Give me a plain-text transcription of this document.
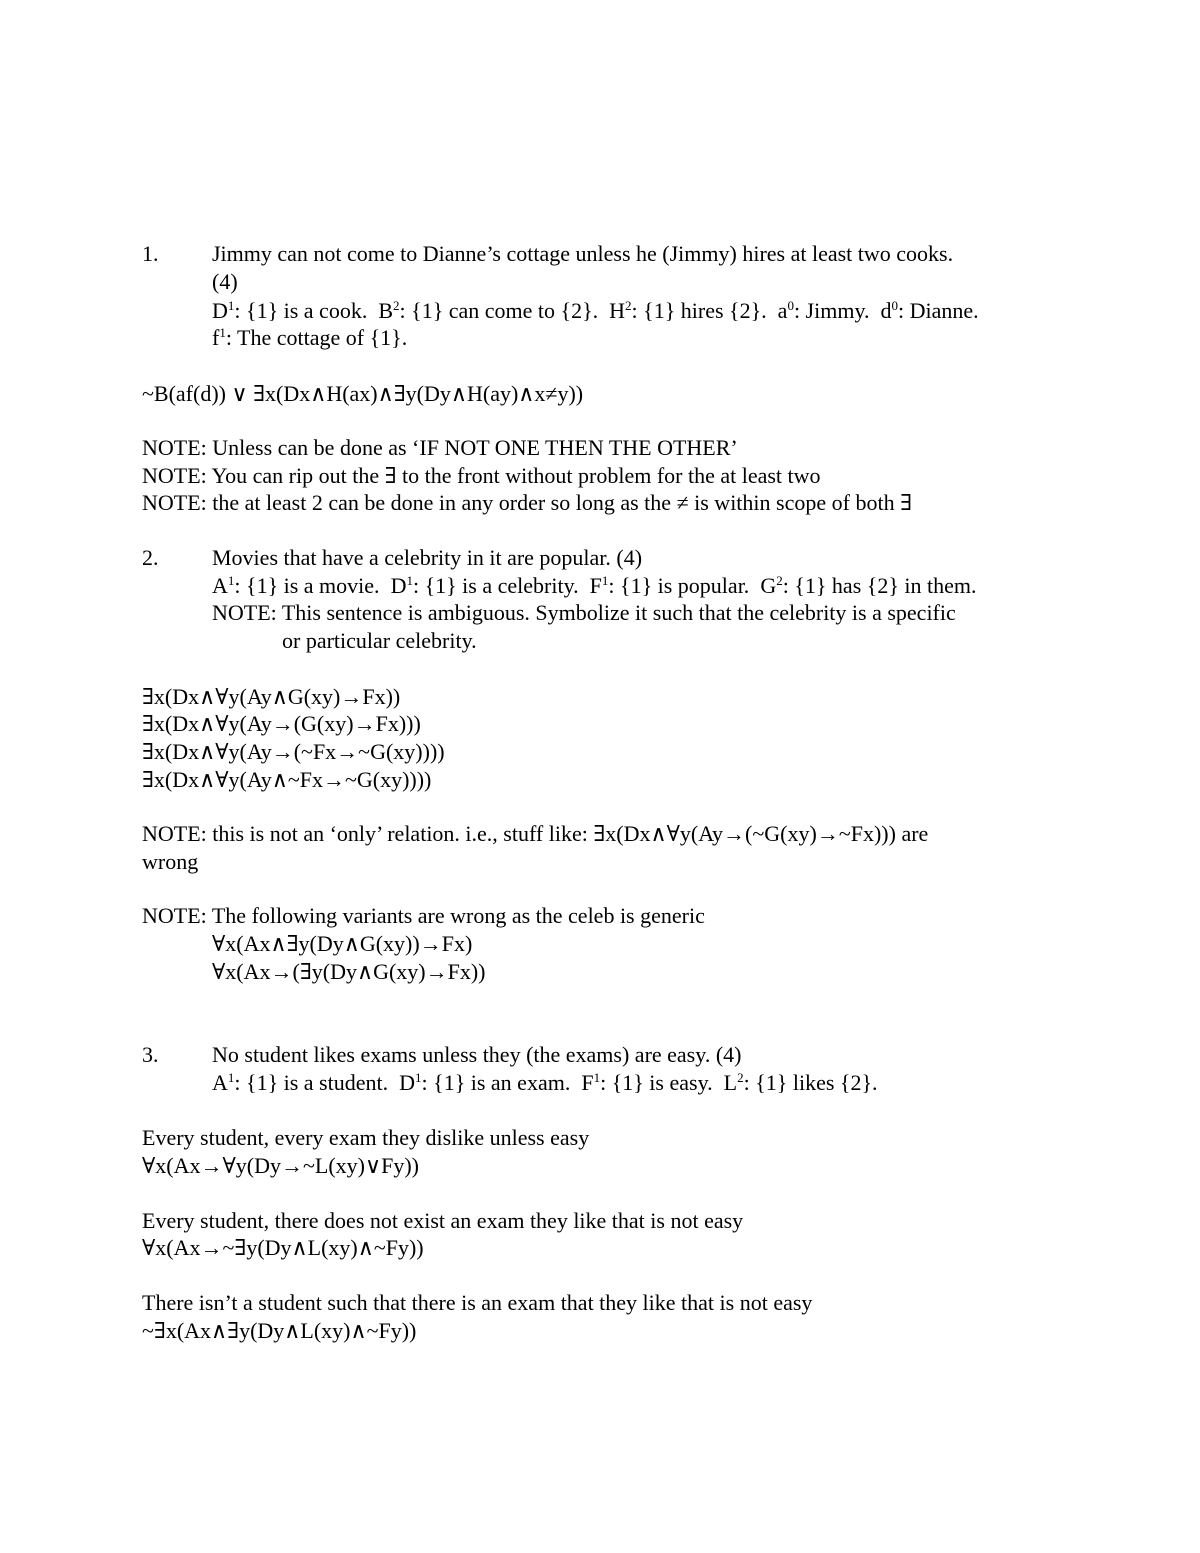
1. Jimmy can not come to Dianne’s cottage unless he (Jimmy) hires at least two cooks.
(4)
$D^1$: {1} is a cook.  $B^2$: {1} can come to {2}.  $H^2$: {1} hires {2}.  $a^0$: Jimmy.  $d^0$: Dianne.
$f^1$: The cottage of {1}.
~B(af(d)) ∨ ∃x(Dx∧H(ax)∧∃y(Dy∧H(ay)∧x≠y))
NOTE: Unless can be done as ‘IF NOT ONE THEN THE OTHER’
NOTE: You can rip out the ∃ to the front without problem for the at least two
NOTE: the at least 2 can be done in any order so long as the ≠ is within scope of both ∃
2. Movies that have a celebrity in it are popular. (4)
$A^1$: {1} is a movie.  $D^1$: {1} is a celebrity.  $F^1$: {1} is popular.  $G^2$: {1} has {2} in them.
NOTE: This sentence is ambiguous. Symbolize it such that the celebrity is a specific
or particular celebrity.
∃x(Dx∧∀y(Ay∧G(xy)→Fx))
∃x(Dx∧∀y(Ay→(G(xy)→Fx)))
∃x(Dx∧∀y(Ay→(~Fx→~G(xy))))
∃x(Dx∧∀y(Ay∧~Fx→~G(xy))))
NOTE: this is not an ‘only’ relation. i.e., stuff like: ∃x(Dx∧∀y(Ay→(~G(xy)→~Fx))) are
wrong
NOTE: The following variants are wrong as the celeb is generic
∀x(Ax∧∃y(Dy∧G(xy))→Fx)
∀x(Ax→(∃y(Dy∧G(xy)→Fx))
3. No student likes exams unless they (the exams) are easy. (4)
$A^1$: {1} is a student.  $D^1$: {1} is an exam.  $F^1$: {1} is easy.  $L^2$: {1} likes {2}.
Every student, every exam they dislike unless easy
∀x(Ax→∀y(Dy→~L(xy)∨Fy))
Every student, there does not exist an exam they like that is not easy
∀x(Ax→~∃y(Dy∧L(xy)∧~Fy))
There isn’t a student such that there is an exam that they like that is not easy
~∃x(Ax∧∃y(Dy∧L(xy)∧~Fy))
